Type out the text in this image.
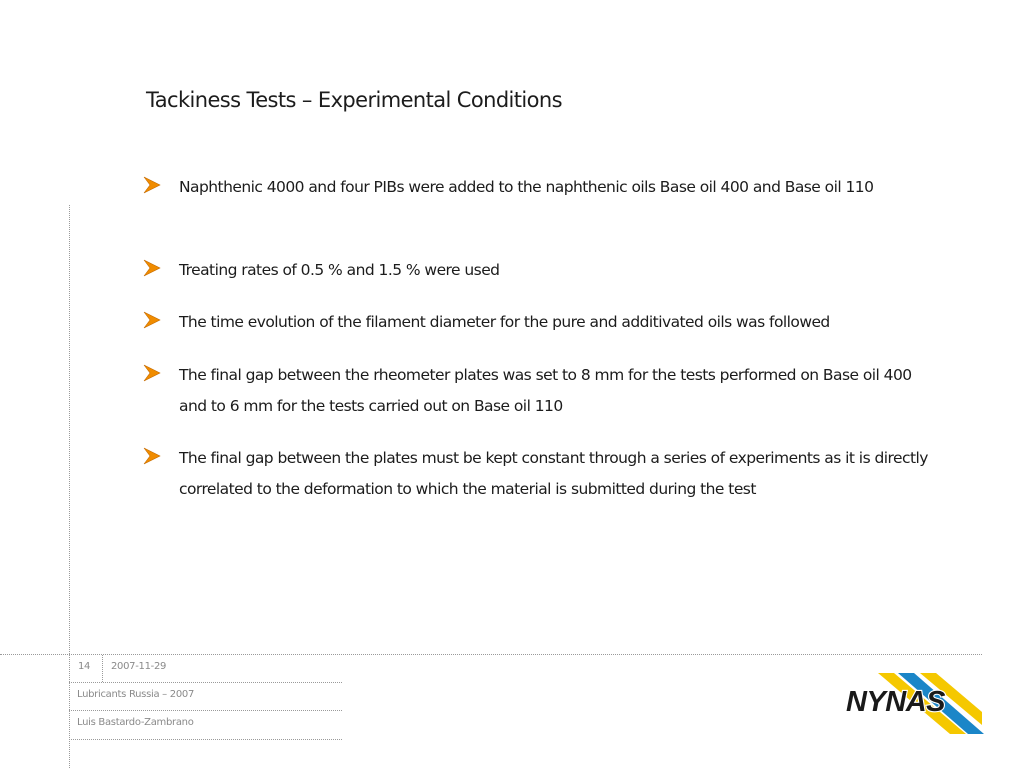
Tackiness Tests – Experimental Conditions
Naphthenic 4000 and four PIBs were added to the naphthenic oils Base oil 400 and Base oil 110
Treating rates of 0.5 % and 1.5 % were used
The time evolution of the filament diameter for the pure and additivated oils was followed
The final gap between the rheometer plates was set to 8 mm for the tests performed on Base oil 400 and to 6 mm for the tests carried out on Base oil 110
The final gap between the plates must be kept constant through a series of experiments as it is directly correlated to the deformation to which the material is submitted during the test
14 2007-11-29
Lubricants Russia – 2007
Luis Bastardo-Zambrano
NYNAS
